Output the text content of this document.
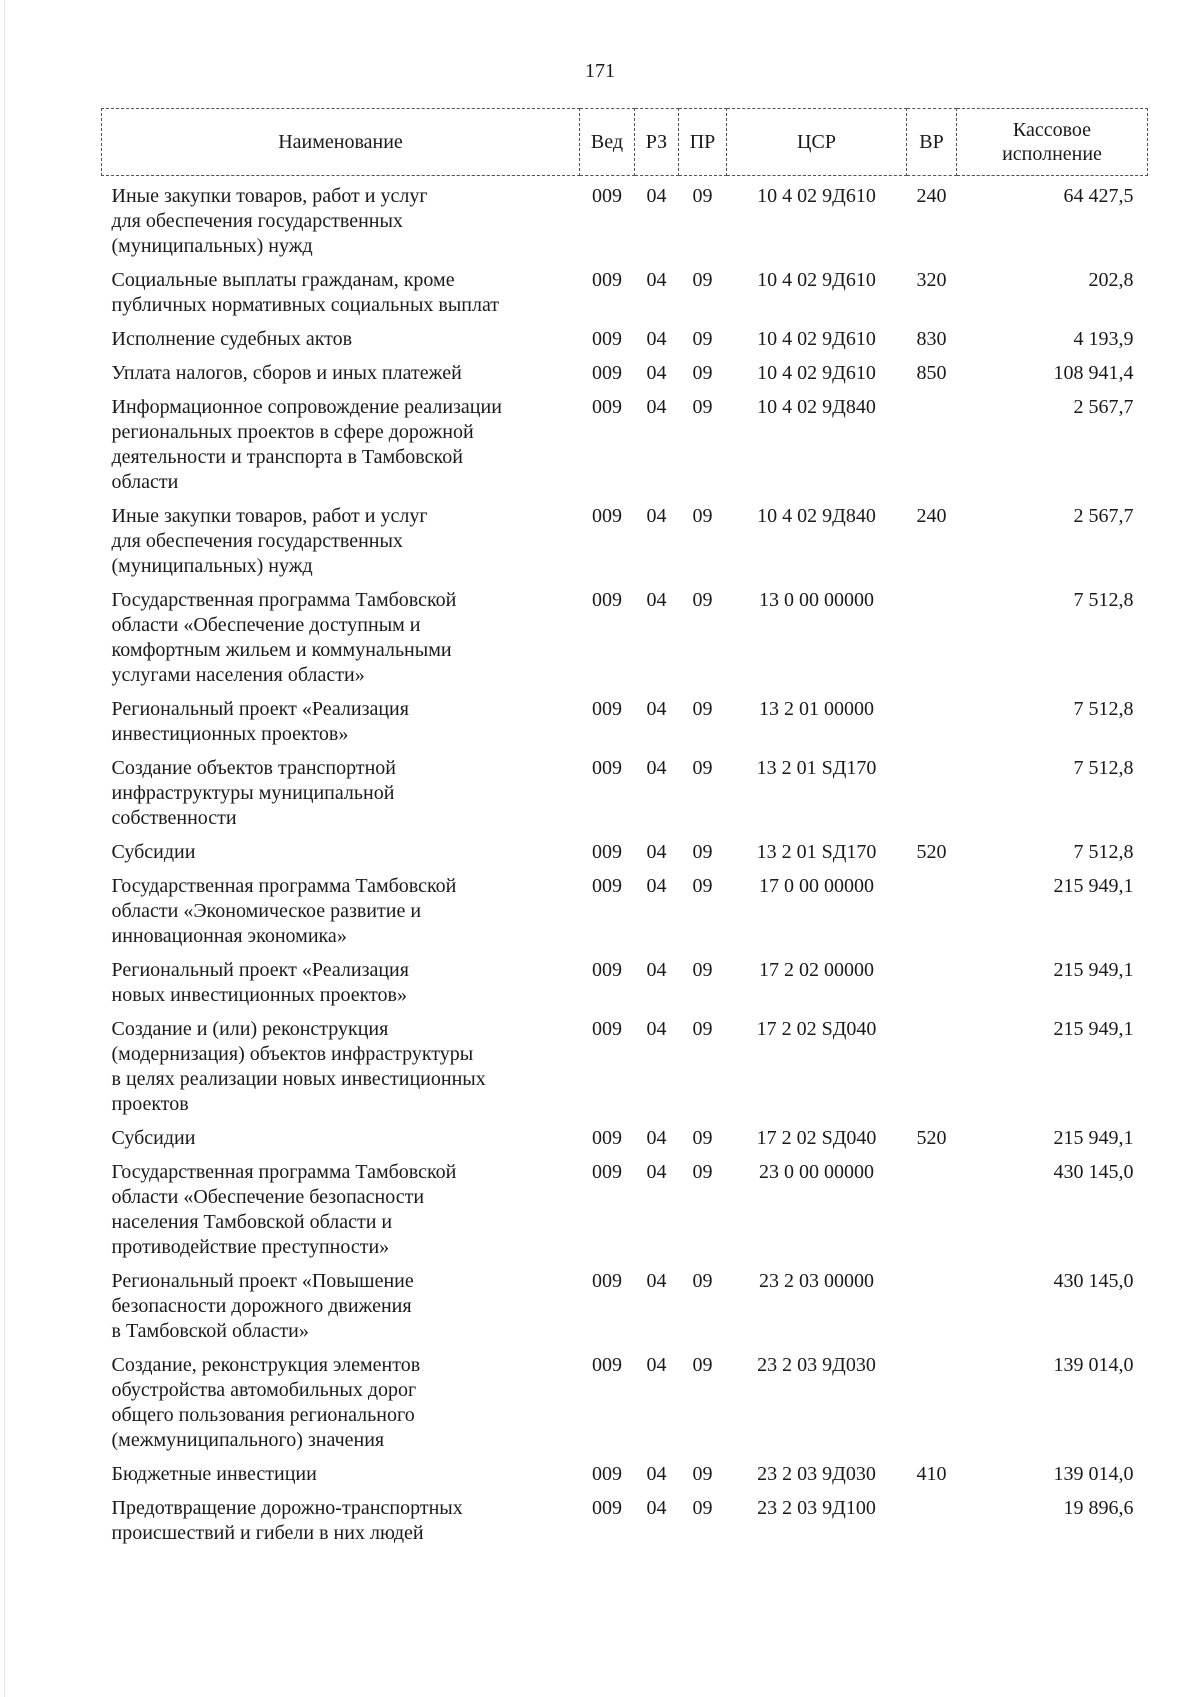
171
Наименование	Вед	РЗ	ПР	ЦСР	ВР	Кассовое
исполнение
Иные закупки товаров, работ и услуг
для обеспечения государственных
(муниципальных) нужд	009	04	09	10 4 02 9Д610	240	64 427,5
Социальные выплаты гражданам, кроме
публичных нормативных социальных выплат	009	04	09	10 4 02 9Д610	320	202,8
Исполнение судебных актов	009	04	09	10 4 02 9Д610	830	4 193,9
Уплата налогов, сборов и иных платежей	009	04	09	10 4 02 9Д610	850	108 941,4
Информационное сопровождение реализации
региональных проектов в сфере дорожной
деятельности и транспорта в Тамбовской
области	009	04	09	10 4 02 9Д840		2 567,7
Иные закупки товаров, работ и услуг
для обеспечения государственных
(муниципальных) нужд	009	04	09	10 4 02 9Д840	240	2 567,7
Государственная программа Тамбовской
области «Обеспечение доступным и
комфортным жильем и коммунальными
услугами населения области»	009	04	09	13 0 00 00000		7 512,8
Региональный проект «Реализация
инвестиционных проектов»	009	04	09	13 2 01 00000		7 512,8
Создание объектов транспортной
инфраструктуры муниципальной
собственности	009	04	09	13 2 01 SД170		7 512,8
Субсидии	009	04	09	13 2 01 SД170	520	7 512,8
Государственная программа Тамбовской
области «Экономическое развитие и
инновационная экономика»	009	04	09	17 0 00 00000		215 949,1
Региональный проект «Реализация
новых инвестиционных проектов»	009	04	09	17 2 02 00000		215 949,1
Создание и (или) реконструкция
(модернизация) объектов инфраструктуры
в целях реализации новых инвестиционных
проектов	009	04	09	17 2 02 SД040		215 949,1
Субсидии	009	04	09	17 2 02 SД040	520	215 949,1
Государственная программа Тамбовской
области «Обеспечение безопасности
населения Тамбовской области и
противодействие преступности»	009	04	09	23 0 00 00000		430 145,0
Региональный проект «Повышение
безопасности дорожного движения
в Тамбовской области»	009	04	09	23 2 03 00000		430 145,0
Создание, реконструкция элементов
обустройства автомобильных дорог
общего пользования регионального
(межмуниципального) значения	009	04	09	23 2 03 9Д030		139 014,0
Бюджетные инвестиции	009	04	09	23 2 03 9Д030	410	139 014,0
Предотвращение дорожно-транспортных
происшествий и гибели в них людей	009	04	09	23 2 03 9Д100		19 896,6
